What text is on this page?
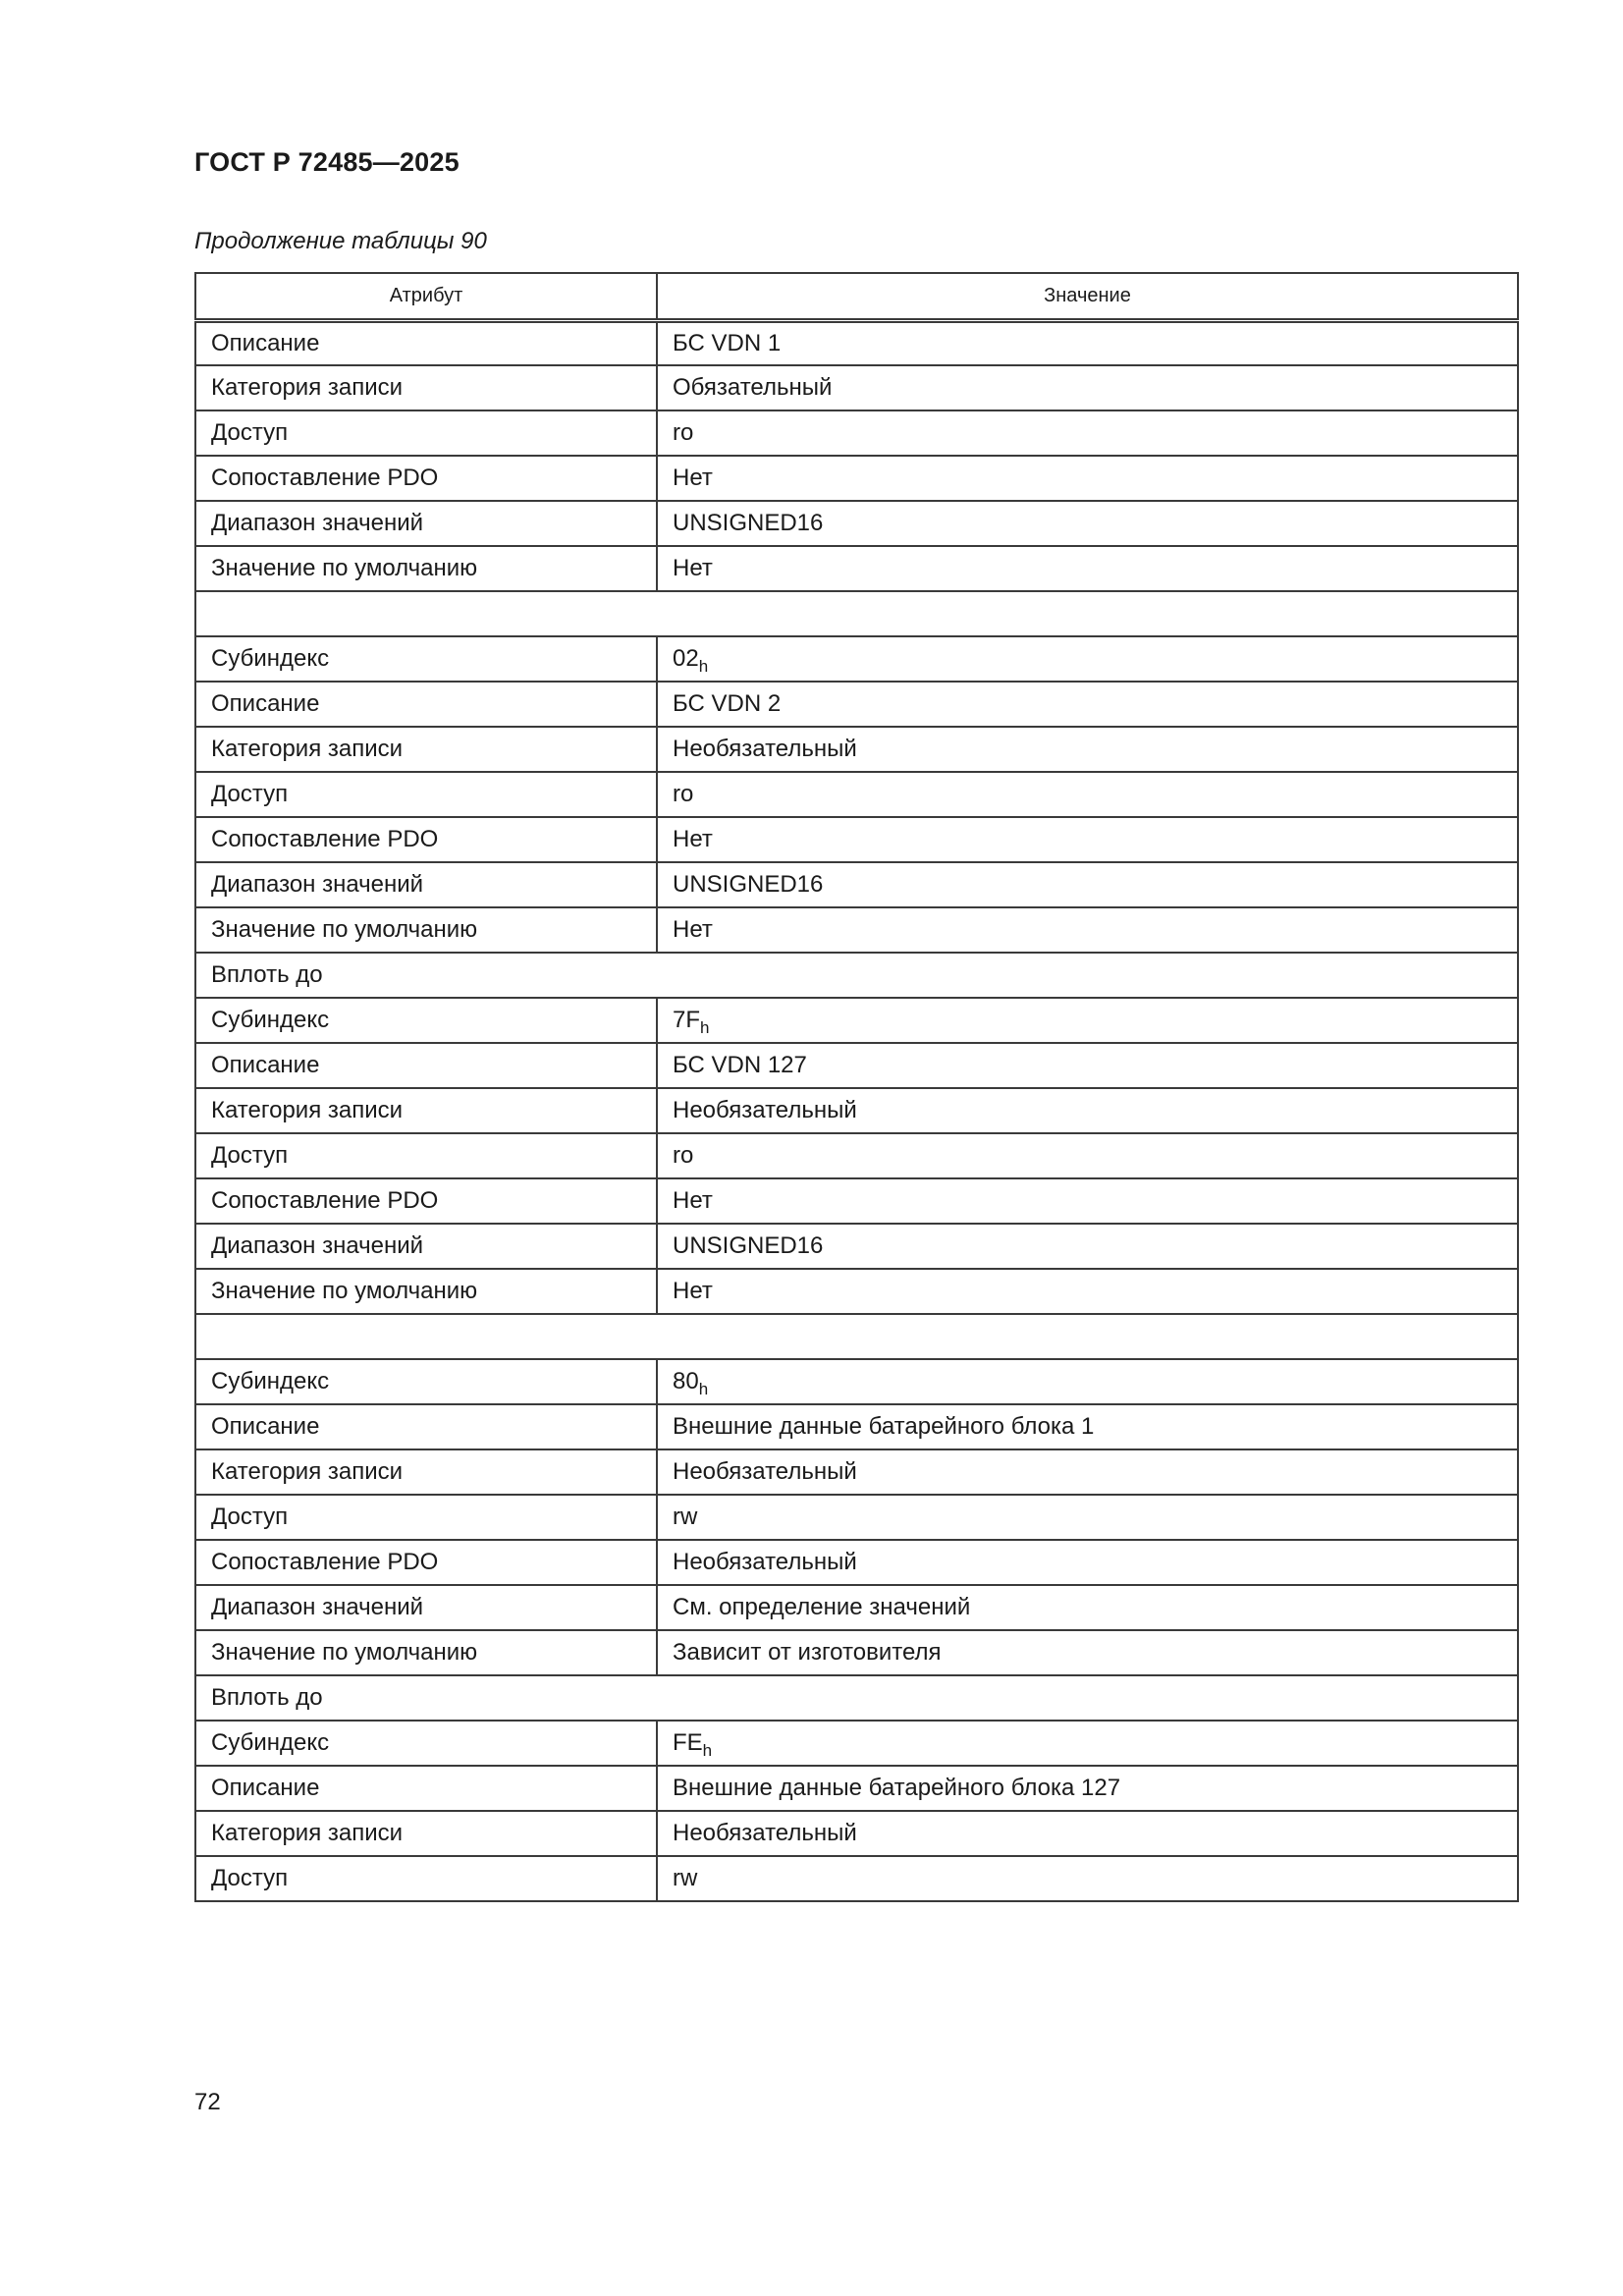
ГОСТ Р 72485—2025
Продолжение таблицы 90
Атрибут	Значение
Описание	БС VDN 1
Категория записи	Обязательный
Доступ	ro
Сопоставление PDO	Нет
Диапазон значений	UNSIGNED16
Значение по умолчанию	Нет

Субиндекс	$02_h$
Описание	БС VDN 2
Категория записи	Необязательный
Доступ	ro
Сопоставление PDO	Нет
Диапазон значений	UNSIGNED16
Значение по умолчанию	Нет
Вплоть до	
Субиндекс	$7F_h$
Описание	БС VDN 127
Категория записи	Необязательный
Доступ	ro
Сопоставление PDO	Нет
Диапазон значений	UNSIGNED16
Значение по умолчанию	Нет

Субиндекс	$80_h$
Описание	Внешние данные батарейного блока 1
Категория записи	Необязательный
Доступ	rw
Сопоставление PDO	Необязательный
Диапазон значений	См. определение значений
Значение по умолчанию	Зависит от изготовителя
Вплоть до	
Субиндекс	$FE_h$
Описание	Внешние данные батарейного блока 127
Категория записи	Необязательный
Доступ	rw
72
